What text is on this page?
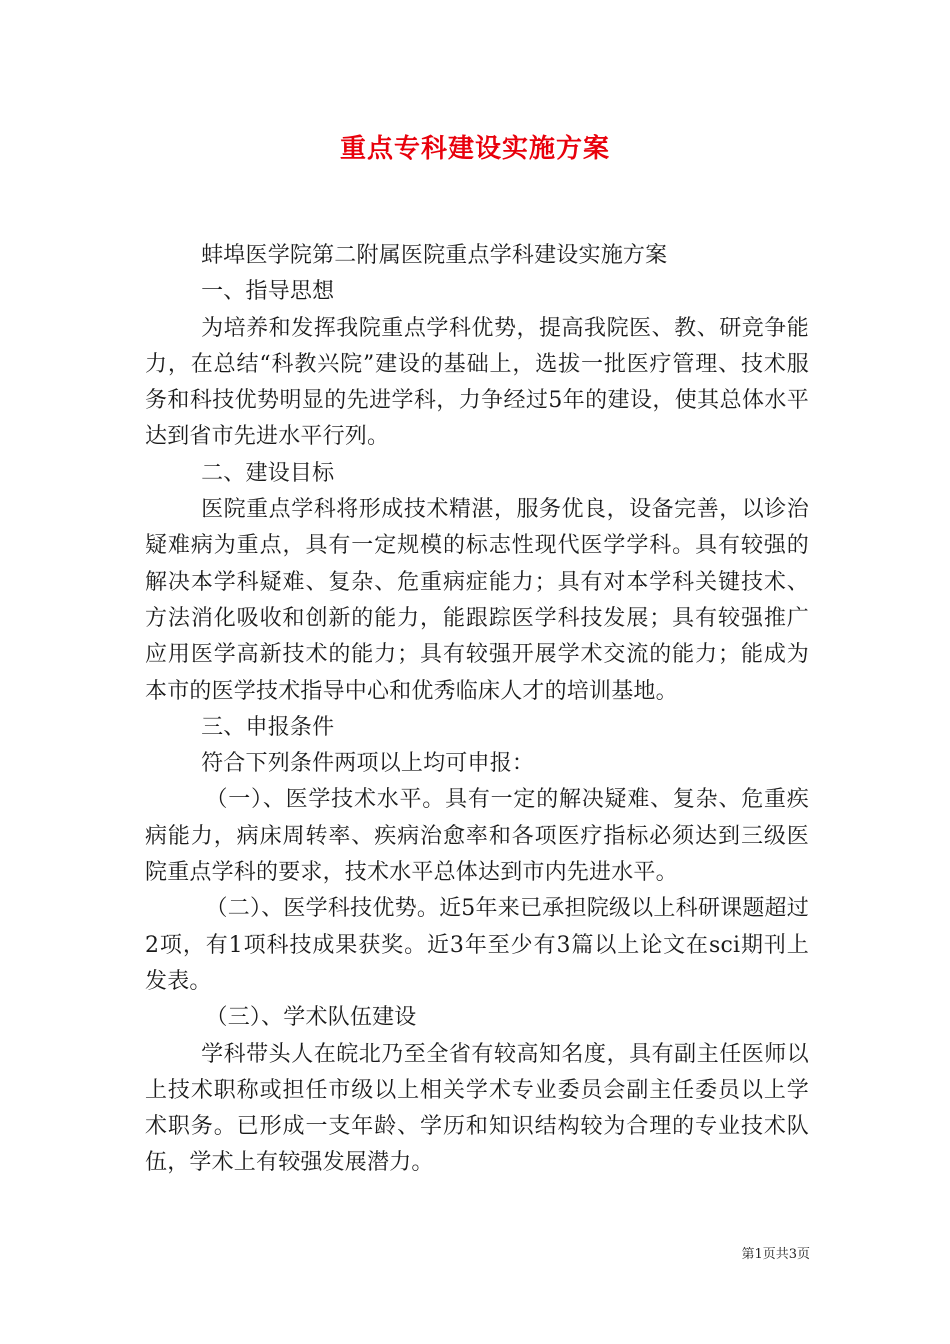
重点专科建设实施方案

蚌埠医学院第二附属医院重点学科建设实施方案

一、指导思想

为培养和发挥我院重点学科优势，提高我院医、教、研竞争能力，在总结“科教兴院”建设的基础上，选拔一批医疗管理、技术服务和科技优势明显的先进学科，力争经过5年的建设，使其总体水平达到省市先进水平行列。

二、建设目标

医院重点学科将形成技术精湛，服务优良，设备完善，以诊治疑难病为重点，具有一定规模的标志性现代医学学科。具有较强的解决本学科疑难、复杂、危重病症能力；具有对本学科关键技术、方法消化吸收和创新的能力，能跟踪医学科技发展；具有较强推广应用医学高新技术的能力；具有较强开展学术交流的能力；能成为本市的医学技术指导中心和优秀临床人才的培训基地。

三、申报条件

符合下列条件两项以上均可申报：

（一）、医学技术水平。具有一定的解决疑难、复杂、危重疾病能力，病床周转率、疾病治愈率和各项医疗指标必须达到三级医院重点学科的要求，技术水平总体达到市内先进水平。

（二）、医学科技优势。近5年来已承担院级以上科研课题超过2项，有1项科技成果获奖。近3年至少有3篇以上论文在sci期刊上发表。

（三）、学术队伍建设

学科带头人在皖北乃至全省有较高知名度，具有副主任医师以上技术职称或担任市级以上相关学术专业委员会副主任委员以上学术职务。已形成一支年龄、学历和知识结构较为合理的专业技术队伍，学术上有较强发展潜力。

第1页共3页
